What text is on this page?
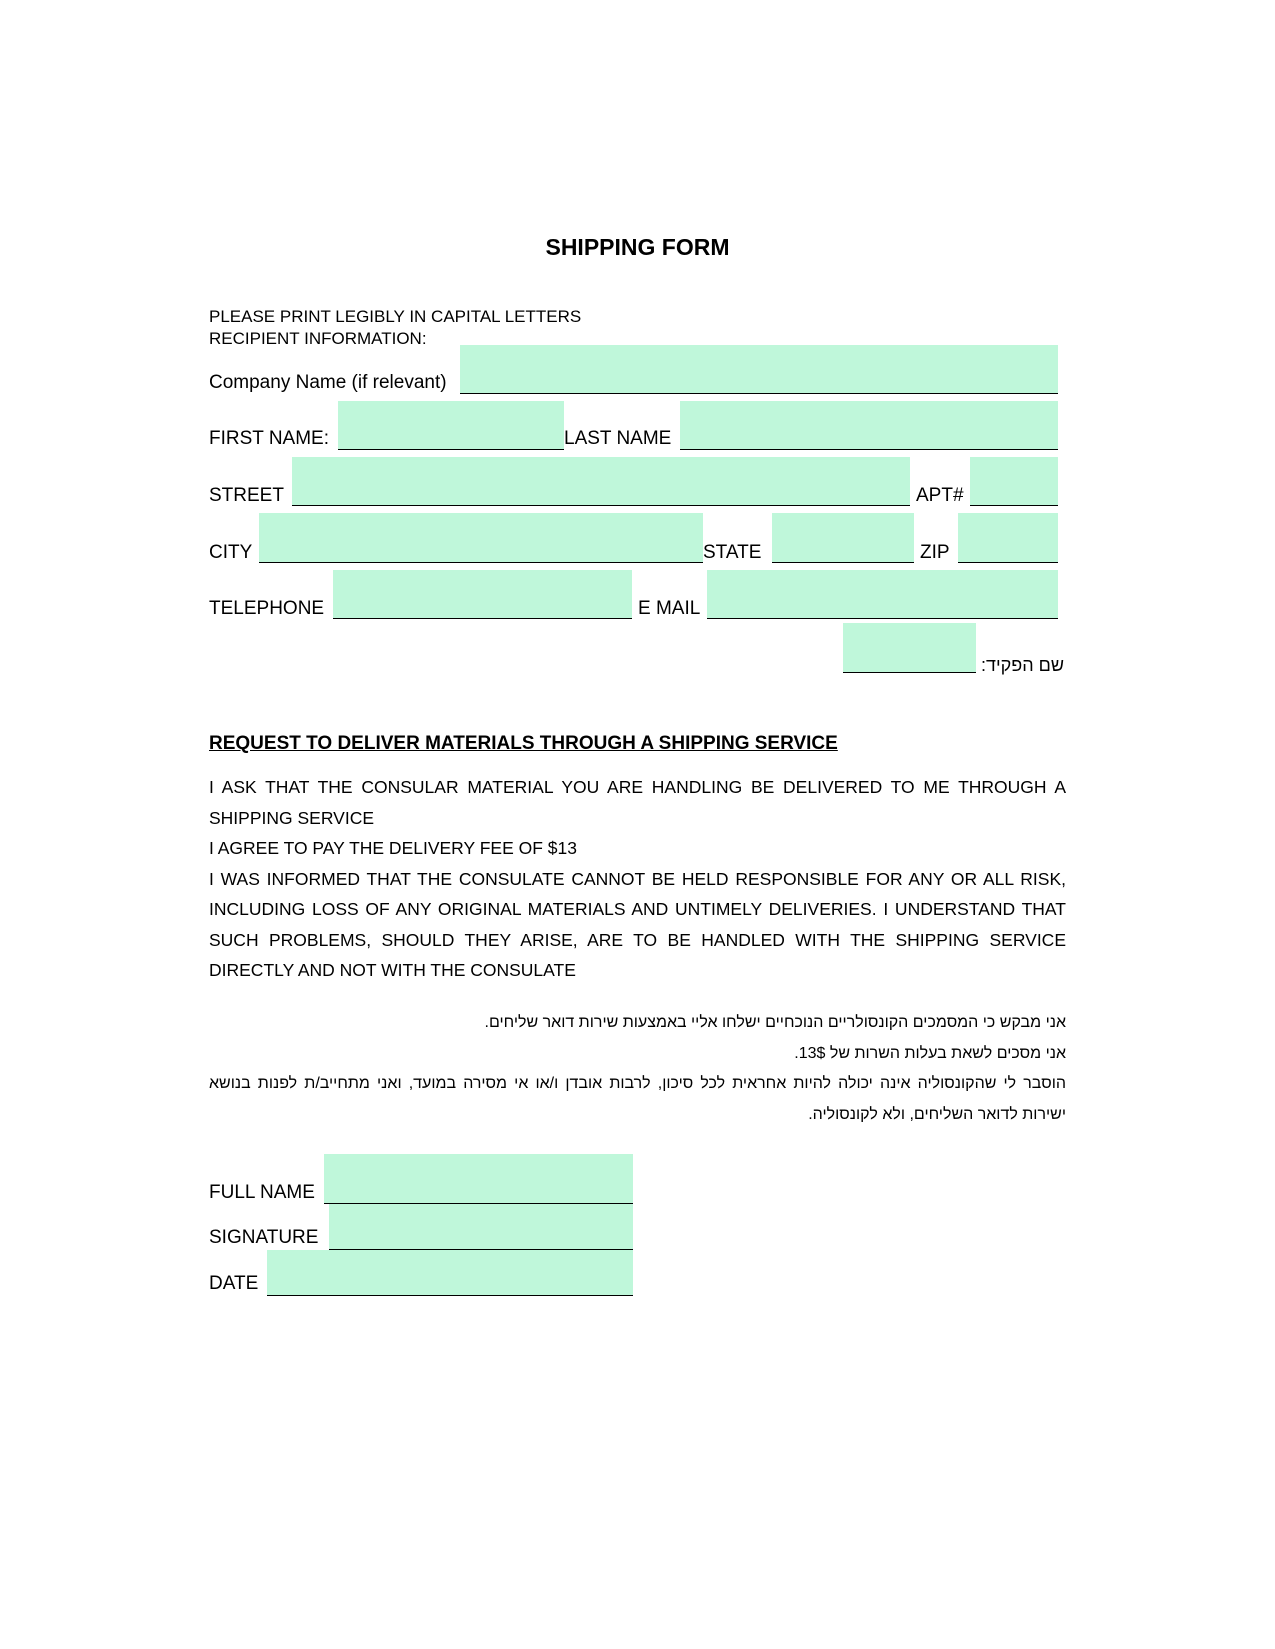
SHIPPING FORM
PLEASE PRINT LEGIBLY IN CAPITAL LETTERS
RECIPIENT INFORMATION:
Company Name (if relevant)
FIRST NAME:	LAST NAME
STREET	APT#
CITY	STATE	ZIP
TELEPHONE	E MAIL
שם הפקיד:
REQUEST TO DELIVER MATERIALS THROUGH A SHIPPING SERVICE

I ASK THAT THE CONSULAR MATERIAL YOU ARE HANDLING BE DELIVERED TO ME THROUGH A SHIPPING SERVICE

I AGREE TO PAY THE DELIVERY FEE OF $13

I WAS INFORMED THAT THE CONSULATE CANNOT BE HELD RESPONSIBLE FOR ANY OR ALL RISK, INCLUDING LOSS OF ANY ORIGINAL MATERIALS AND UNTIMELY DELIVERIES. I UNDERSTAND THAT SUCH PROBLEMS, SHOULD THEY ARISE, ARE TO BE HANDLED WITH THE SHIPPING SERVICE DIRECTLY AND NOT WITH THE CONSULATE

אני מבקש כי המסמכים הקונסולריים הנוכחיים ישלחו אליי באמצעות שירות דואר שליחים.

אני מסכים לשאת בעלות השרות של 13$.

הוסבר לי שהקונסוליה אינה יכולה להיות אחראית לכל סיכון, לרבות אובדן ו/או אי מסירה במועד, ואני מתחייב/ת לפנות בנושא ישירות לדואר השליחים, ולא לקונסוליה.

FULL NAME
SIGNATURE
DATE
